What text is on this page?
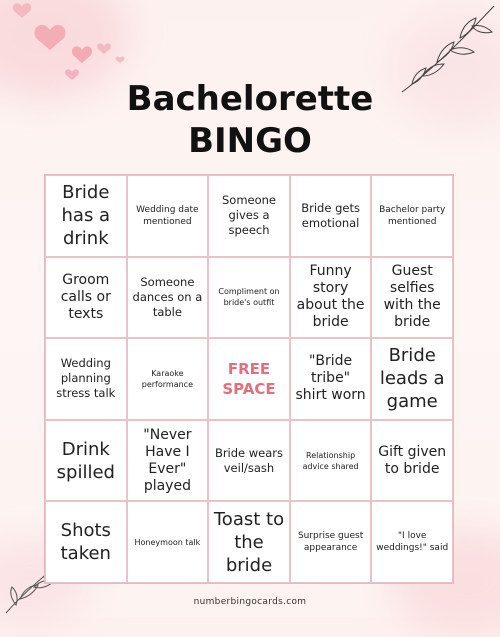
Bachelorette
BINGO
Bride has a drink
Wedding date mentioned
Someone gives a speech
Bride gets emotional
Bachelor party mentioned
Groom calls or texts
Someone dances on a table
Compliment on bride's outfit
Funny story about the bride
Guest selfies with the bride
Wedding planning stress talk
Karaoke performance
FREE SPACE
"Bride tribe" shirt worn
Bride leads a game
Drink spilled
"Never Have I Ever" played
Bride wears veil/sash
Relationship advice shared
Gift given to bride
Shots taken
Honeymoon talk
Toast to the bride
Surprise guest appearance
"I love weddings!" said
numberbingocards.com
